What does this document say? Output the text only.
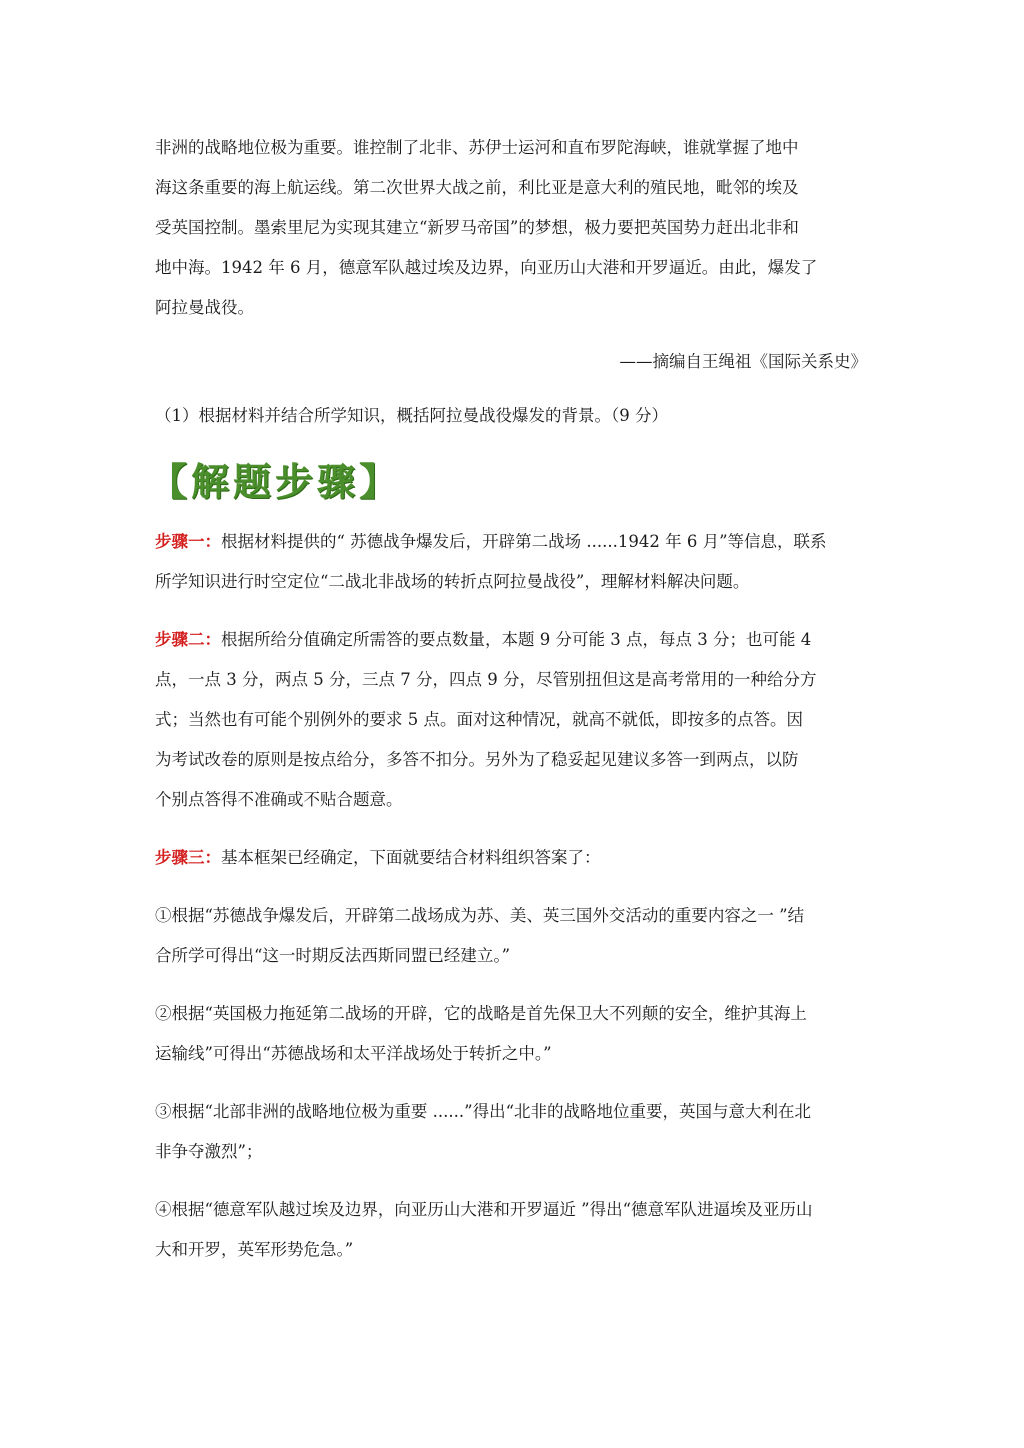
非洲的战略地位极为重要。谁控制了北非、苏伊士运河和直布罗陀海峡，谁就掌握了地中
海这条重要的海上航运线。第二次世界大战之前，利比亚是意大利的殖民地，毗邻的埃及
受英国控制。墨索里尼为实现其建立“新罗马帝国”的梦想，极力要把英国势力赶出北非和
地中海。1942 年 6 月，德意军队越过埃及边界，向亚历山大港和开罗逼近。由此，爆发了
阿拉曼战役。

——摘编自王绳祖《国际关系史》

（1）根据材料并结合所学知识，概括阿拉曼战役爆发的背景。（9 分）

【解题步骤】

步骤一：根据材料提供的“ 苏德战争爆发后，开辟第二战场 ......1942 年 6 月”等信息，联系
所学知识进行时空定位“二战北非战场的转折点阿拉曼战役”，理解材料解决问题。

步骤二：根据所给分值确定所需答的要点数量，本题 9 分可能 3 点，每点 3 分；也可能 4
点，一点 3 分，两点 5 分，三点 7 分，四点 9 分，尽管别扭但这是高考常用的一种给分方
式；当然也有可能个别例外的要求 5 点。面对这种情况，就高不就低，即按多的点答。因
为考试改卷的原则是按点给分，多答不扣分。另外为了稳妥起见建议多答一到两点，以防
个别点答得不准确或不贴合题意。

步骤三：基本框架已经确定，下面就要结合材料组织答案了：

①根据“苏德战争爆发后，开辟第二战场成为苏、美、英三国外交活动的重要内容之一 ”结
合所学可得出“这一时期反法西斯同盟已经建立。”

②根据“英国极力拖延第二战场的开辟，它的战略是首先保卫大不列颠的安全，维护其海上
运输线”可得出“苏德战场和太平洋战场处于转折之中。”

③根据“北部非洲的战略地位极为重要 ......”得出“北非的战略地位重要，英国与意大利在北
非争夺激烈”；

④根据“德意军队越过埃及边界，向亚历山大港和开罗逼近 ”得出“德意军队进逼埃及亚历山
大和开罗，英军形势危急。”
